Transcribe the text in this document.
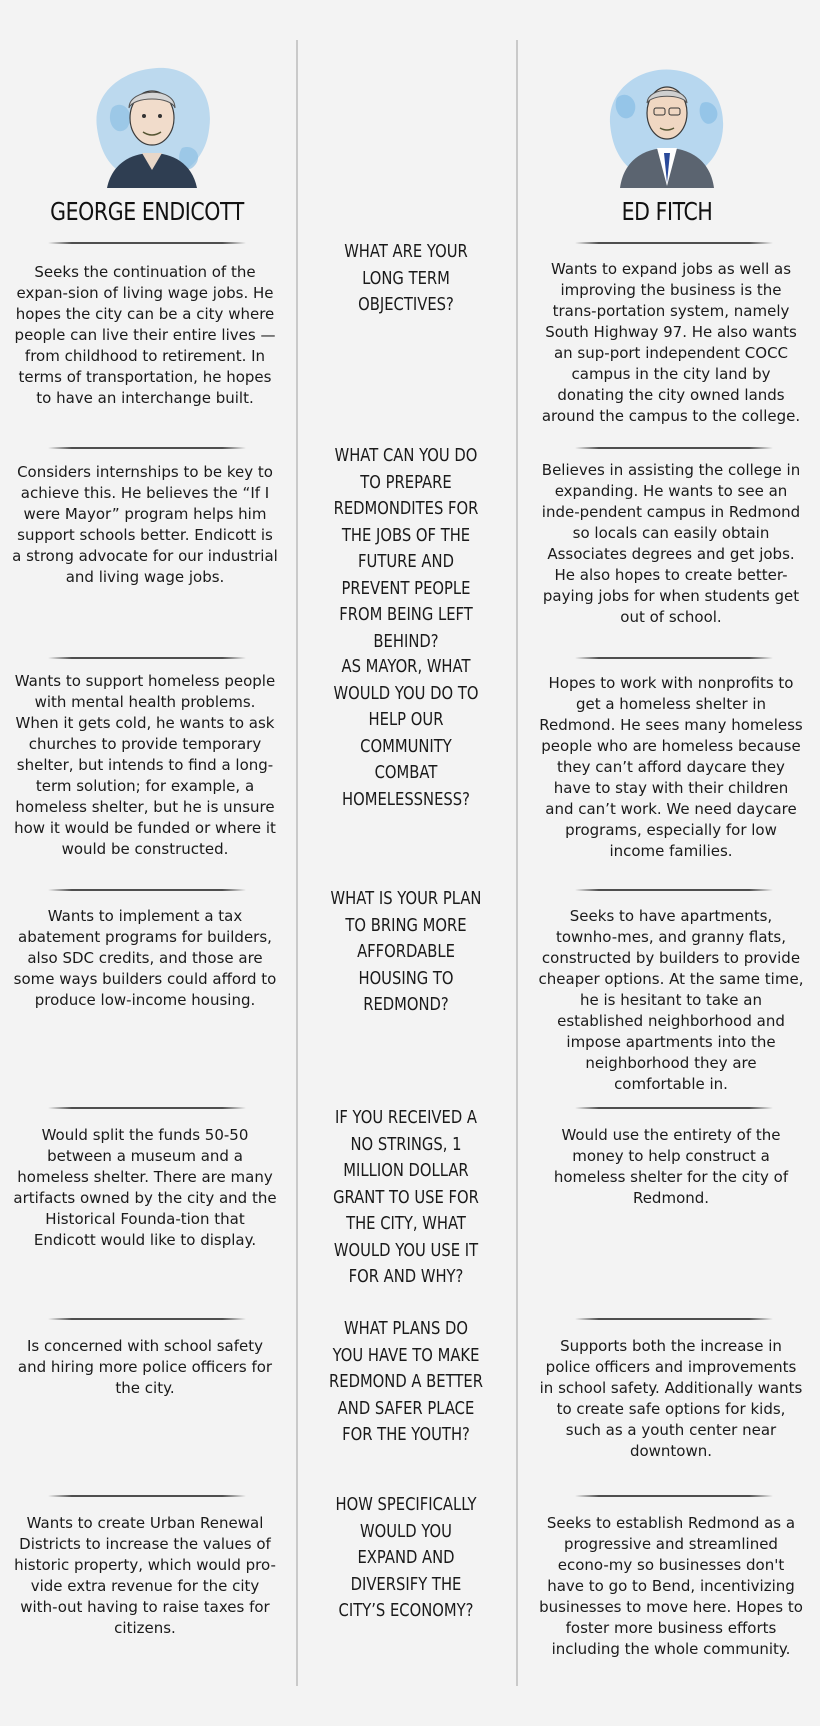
GEORGE ENDICOTT	ED FITCH
WHAT ARE YOUR LONG TERM OBJECTIVES?
Seeks the continuation of the expan-sion of living wage jobs. He hopes the city can be a city where people can live their entire lives — from childhood to retirement. In terms of transportation, he hopes to have an interchange built.
Wants to expand jobs as well as improving the business is the trans-portation system, namely South Highway 97. He also wants an sup-port independent COCC campus in the city land by donating the city owned lands around the campus to the college.
WHAT CAN YOU DO TO PREPARE REDMONDITES FOR THE JOBS OF THE FUTURE AND PREVENT PEOPLE FROM BEING LEFT BEHIND?
Considers internships to be key to achieve this. He believes the “If I were Mayor” program helps him support schools better. Endicott is a strong advocate for our industrial and living wage jobs.
Believes in assisting the college in expanding. He wants to see an inde-pendent campus in Redmond so locals can easily obtain Associates degrees and get jobs. He also hopes to create better-paying jobs for when students get out of school.
AS MAYOR, WHAT WOULD YOU DO TO HELP OUR COMMUNITY COMBAT HOMELESSNESS?
Wants to support homeless people with mental health problems. When it gets cold, he wants to ask churches to provide temporary shelter, but intends to find a long-term solution; for example, a homeless shelter, but he is unsure how it would be funded or where it would be constructed.
Hopes to work with nonprofits to get a homeless shelter in Redmond. He sees many homeless people who are homeless because they can’t afford daycare they have to stay with their children and can’t work. We need daycare programs, especially for low income families.
WHAT IS YOUR PLAN TO BRING MORE AFFORDABLE HOUSING TO REDMOND?
Wants to implement a tax abatement programs for builders, also SDC credits, and those are some ways builders could afford to produce low-income housing.
Seeks to have apartments, townho-mes, and granny flats, constructed by builders to provide cheaper options. At the same time, he is hesitant to take an established neighborhood and impose apartments into the neighborhood they are comfortable in.
IF YOU RECEIVED A NO STRINGS, 1 MILLION DOLLAR GRANT TO USE FOR THE CITY, WHAT WOULD YOU USE IT FOR AND WHY?
Would split the funds 50-50 between a museum and a homeless shelter. There are many artifacts owned by the city and the Historical Founda-tion that Endicott would like to display.
Would use the entirety of the money to help construct a homeless shelter for the city of Redmond.
WHAT PLANS DO YOU HAVE TO MAKE REDMOND A BETTER AND SAFER PLACE FOR THE YOUTH?
Is concerned with school safety and hiring more police officers for the city.
Supports both the increase in police officers and improvements in school safety. Additionally wants to create safe options for kids, such as a youth center near downtown.
HOW SPECIFICALLY WOULD YOU EXPAND AND DIVERSIFY THE CITY’S ECONOMY?
Wants to create Urban Renewal Districts to increase the values of historic property, which would pro-vide extra revenue for the city with-out having to raise taxes for citizens.
Seeks to establish Redmond as a progressive and streamlined econo-my so businesses don't have to go to Bend, incentivizing businesses to move here. Hopes to foster more business efforts including the whole community.
